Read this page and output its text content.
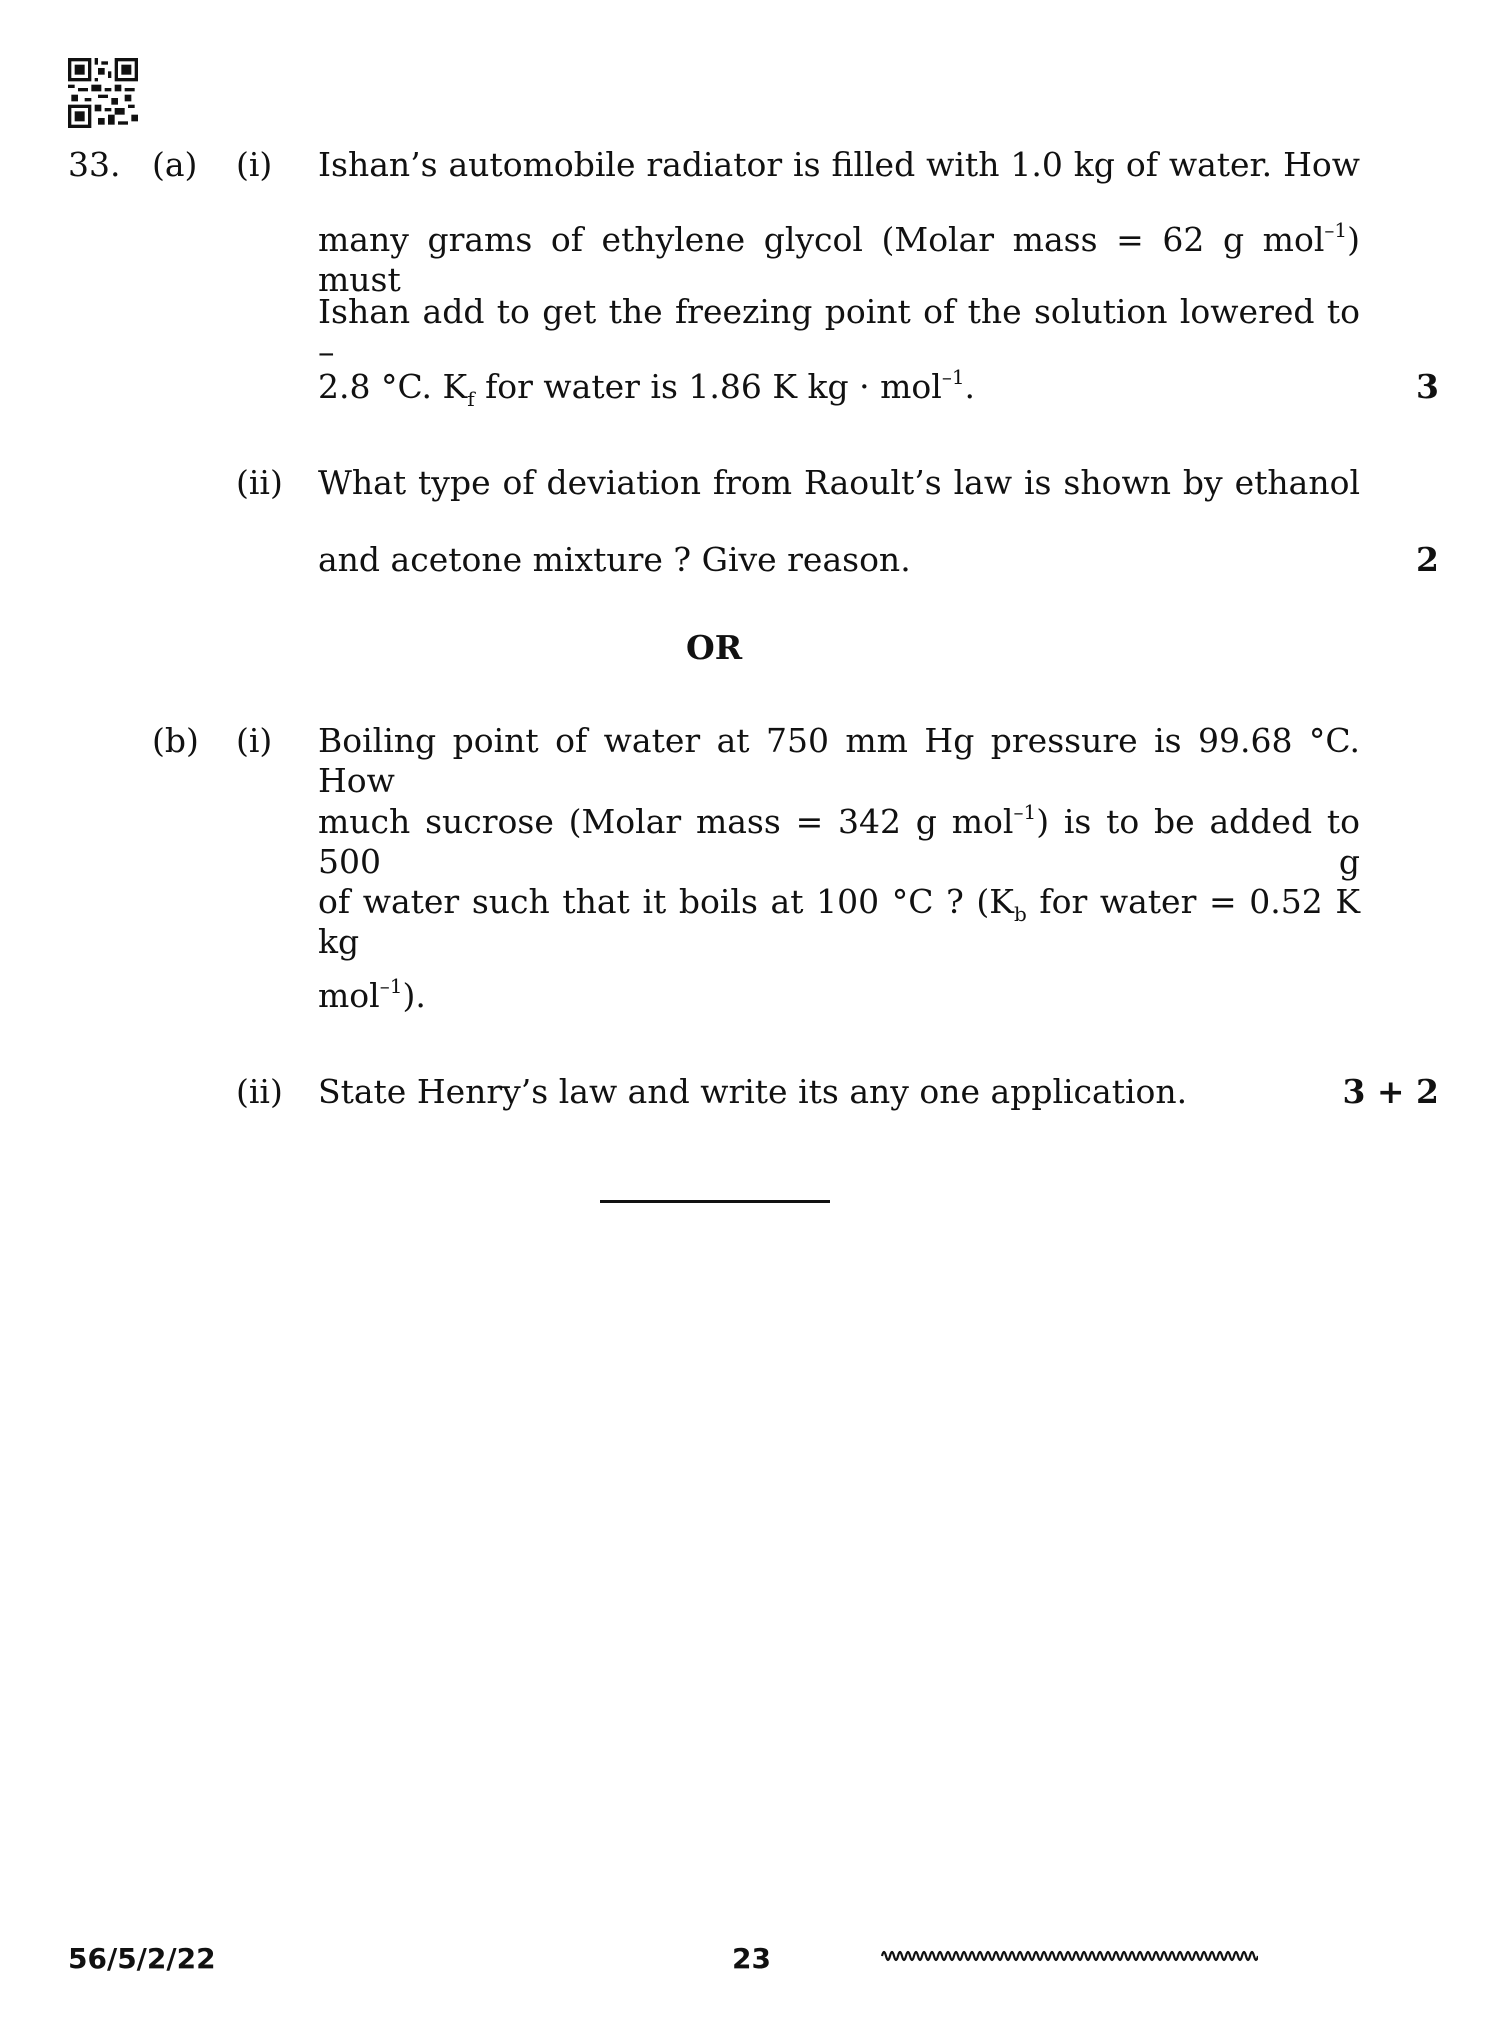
33. (a) (i) Ishan’s automobile radiator is filled with 1.0 kg of water. How
many grams of ethylene glycol (Molar mass = 62 g mol$^{-1}$) must
Ishan add to get the freezing point of the solution lowered to –
2.8 °C. $K_f$ for water is 1.86 K kg · mol$^{-1}$.	3
(ii) What type of deviation from Raoult’s law is shown by ethanol
and acetone mixture ? Give reason.	2
OR
(b) (i) Boiling point of water at 750 mm Hg pressure is 99.68 °C. How
much sucrose (Molar mass = 342 g mol$^{-1}$) is to be added to 500 g
of water such that it boils at 100 °C ? ($K_b$ for water = 0.52 K kg
mol$^{-1}$).
(ii) State Henry’s law and write its any one application.	3 + 2
56/5/2/22	23
